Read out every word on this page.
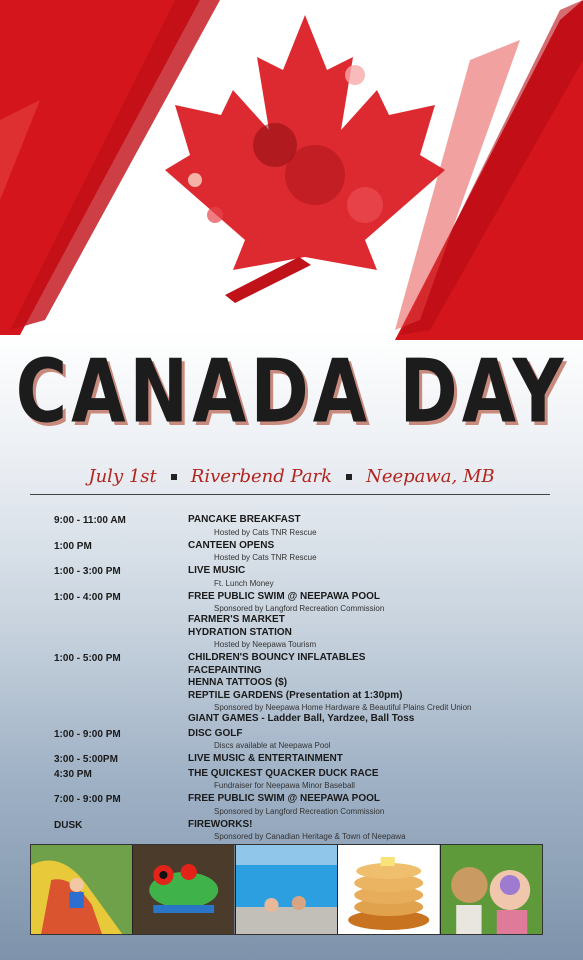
CANADA DAY
July 1st Riverbend Park Neepawa, MB
9:00 - 11:00 AM	PANCAKE BREAKFAST
Hosted by Cats TNR Rescue
1:00 PM	CANTEEN OPENS
Hosted by Cats TNR Rescue
1:00 - 3:00 PM	LIVE MUSIC
Ft. Lunch Money
1:00 - 4:00 PM	FREE PUBLIC SWIM @ NEEPAWA POOL
Sponsored by Langford Recreation Commission
FARMER'S MARKET
HYDRATION STATION
Hosted by Neepawa Tourism
1:00 - 5:00 PM	CHILDREN'S BOUNCY INFLATABLES
FACEPAINTING
HENNA TATTOOS ($)
REPTILE GARDENS (Presentation at 1:30pm)
Sponsored by Neepawa Home Hardware & Beautiful Plains Credit Union
GIANT GAMES - Ladder Ball, Yardzee, Ball Toss
1:00 - 9:00 PM	DISC GOLF
Discs available at Neepawa Pool
3:00 - 5:00PM	LIVE MUSIC & ENTERTAINMENT
4:30 PM	THE QUICKEST QUACKER DUCK RACE
Fundraiser for Neepawa Minor Baseball
7:00 - 9:00 PM	FREE PUBLIC SWIM @ NEEPAWA POOL
Sponsored by Langford Recreation Commission
DUSK	FIREWORKS!
Sponsored by Canadian Heritage & Town of Neepawa
